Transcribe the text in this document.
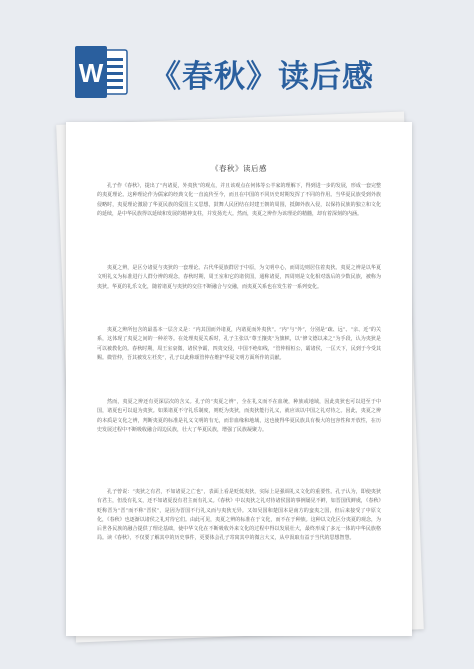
W 《春秋》读后感
《春秋》读后感

孔子作《春秋》，提出了“内诸夏，外夷狄”的观点，并且该观点在何体等公羊家的理解下，得到进一步的发展，形成一套完整的夷夏理论。这种理论作为儒家的经典文化一直流传至今，而且在中国的不同历史时期发挥了不同的作用。当华夏民族受到外族侵略时，夷夏理论激励了华夏民族的爱国主义思想，鼓舞人民团结在封建王朝的周围，抵御外族入侵，以保持民族的独立和文化的延续，是中华民族得以延续和发展的精神支柱，并发扬光大。然而，夷夏之辨作为该理论的精髓，却有着深刻的内涵。

夷夏之辨，是区分诸夏与夷狄的一套理论。古代华夏族群居于中原，为文明中心，而周边则居住着夷狄。夷夏之辨是以华夏文明礼义为标准进行人群分辨的观念，春秋时期，周王室和它的诸侯国，通称诸夏，四周则是文化相对落后的少数民族，被称为夷狄。华夏的礼乐文化，随着诸夏与夷狄的交往不断融合与交融，而夷夏关系也在发生着一系列变化。

夷夏之辨所包含的最基本一层含义是：“内其国而外诸夏，内诸夏而外夷狄”。“内”与“外”，分别是“疏、远”、“亲、近”的关系，这体现了夷夏之间的一种差等。在处理夷夏关系时，孔子主张以“尊王攘夷”为旗帜，以“修文德以来之”为手段，认为夷狄是可以被教化的。春秋时期，周王室衰微，诸侯争霸，四夷交侵，中国不绝如线，“管仲相桓公，霸诸侯，一匡天下，民到于今受其赐。微管仲，吾其被发左衽矣”，孔子以此称颂管仲在维护华夏文明方面所作的贡献。

然而，夷夏之辨还有更深层次的含义。孔子的“夷夏之辨”，全在礼义而不在血统，种族或地域，因此夷狄也可以进至于中国，诸夏也可以退为夷狄。如果诸夏不守礼乐制度，则贬为夷狄，而夷狄能行礼义，就应该以中国之礼对待之。因此，夷夏之辨的本质是文化之辨，判断夷夏的标准是礼义文明的有无，而非血缘和地域，这也使得华夏民族具有极大的包容性和开放性，在历史发展过程中不断吸收融合周边民族，壮大了华夏民族，增强了民族凝聚力。

孔子曾说：“夷狄之有君，不如诸夏之亡也”，表面上看是贬低夷狄，实际上是强调礼义文化的重要性。孔子认为，即使夷狄有君主，但没有礼义，还不如诸夏没有君主而有礼义。《春秋》中以夷狄之礼对待诸侯国的事例屡见不鲜，如晋国伐鲜虞，《春秋》贬称晋为“晋”而不称“晋侯”，是因为晋国不行礼义而与夷狄无异。又如吴国和楚国本是南方的蛮夷之国，但后来接受了中原文化，《春秋》也逐渐以诸侯之礼对待它们。由此可见，夷夏之辨的标准在于文化，而不在于种族。这种以文化区分夷夏的观念，为后世各民族的融合提供了理论基础，使中华文化在不断吸收外来文化的过程中得以发展壮大，最终形成了多元一体的中华民族格局。读《春秋》，不仅要了解其中的历史事件，更要体会孔子寄寓其中的微言大义，从中汲取有益于当代的思想智慧。
